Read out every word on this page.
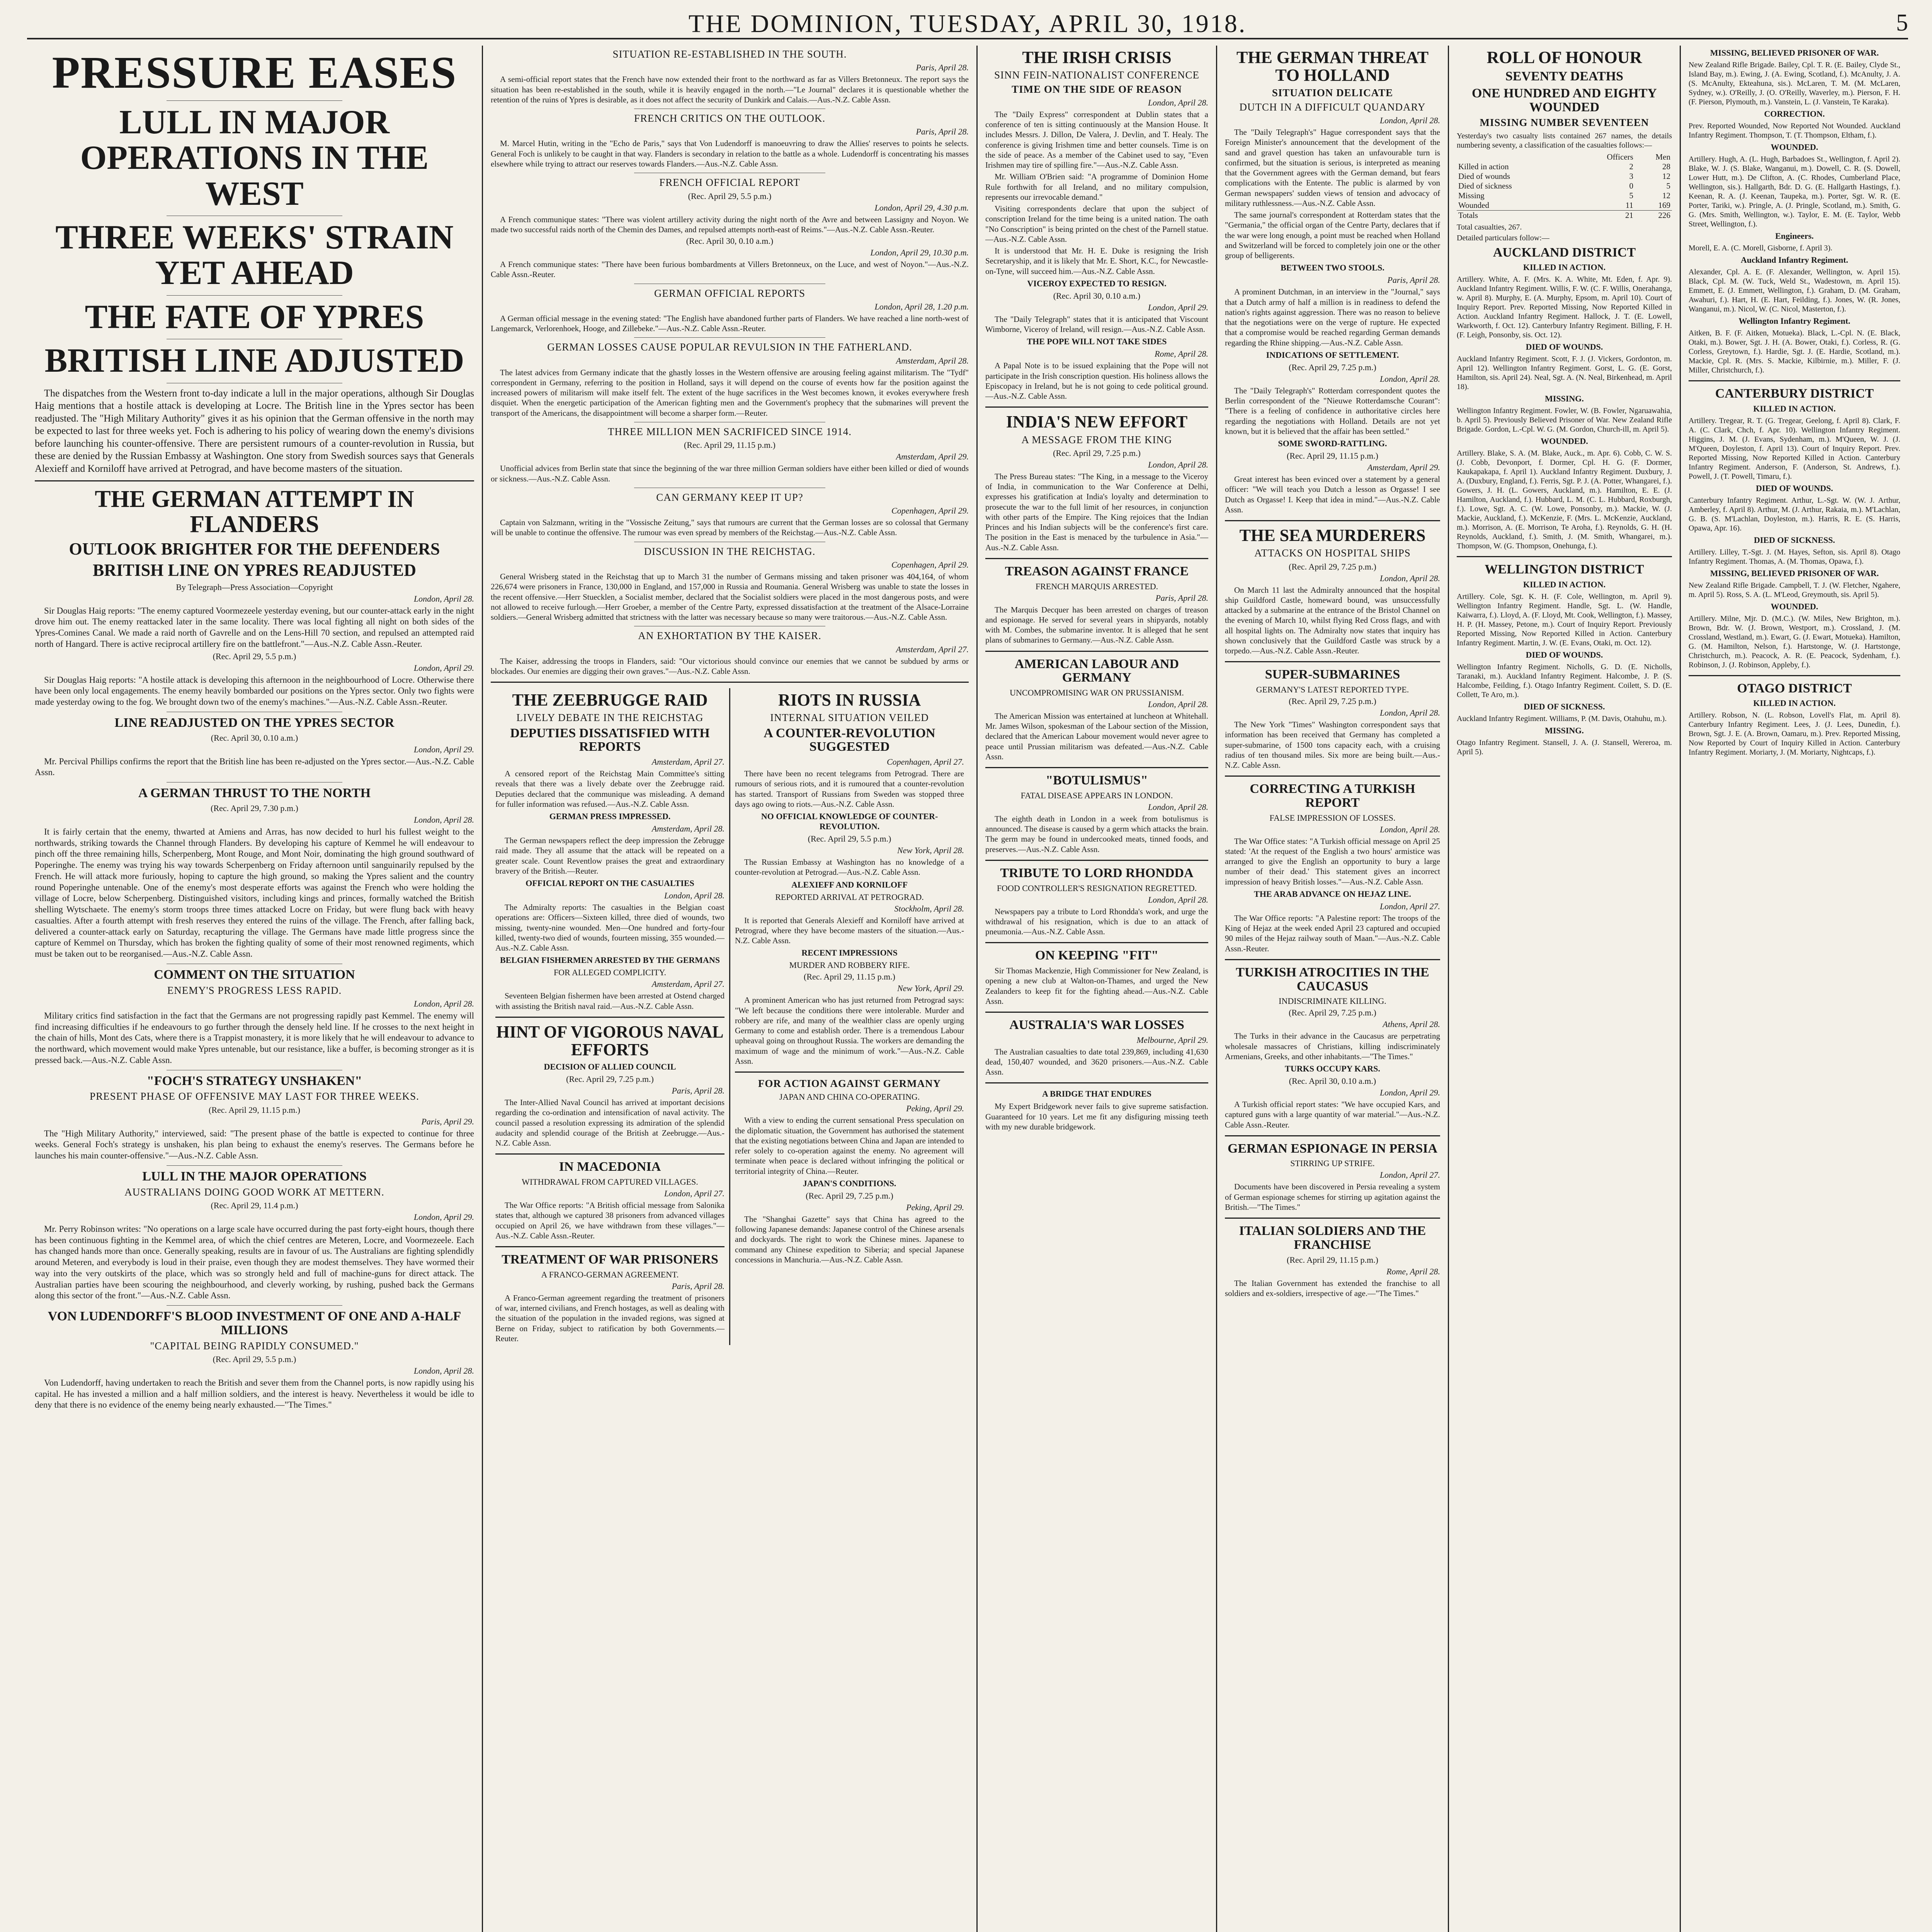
THE DOMINION, TUESDAY, APRIL 30, 1918.	5
PRESSURE EASES
LULL IN MAJOR OPERATIONS IN THE WEST
THREE WEEKS' STRAIN YET AHEAD
THE FATE OF YPRES
BRITISH LINE ADJUSTED

The dispatches from the Western front to-day indicate a lull in the major operations, although Sir Douglas Haig mentions that a hostile attack is developing at Locre. The British line in the Ypres sector has been readjusted. The "High Military Authority" gives it as his opinion that the German offensive in the north may be expected to last for three weeks yet. Foch is adhering to his policy of wearing down the enemy's divisions before launching his counter-offensive. There are persistent rumours of a counter-revolution in Russia, but these are denied by the Russian Embassy at Washington. One story from Swedish sources says that Generals Alexieff and Korniloff have arrived at Petrograd, and have become masters of the situation.

THE GERMAN ATTEMPT IN FLANDERS
OUTLOOK BRIGHTER FOR THE DEFENDERS
BRITISH LINE ON YPRES READJUSTED
By Telegraph—Press Association—Copyright
London, April 28.

Sir Douglas Haig reports: "The enemy captured Voormezeele yesterday evening, but our counter-attack early in the night drove him out. The enemy reattacked later in the same locality. There was local fighting all night on both sides of the Ypres-Comines Canal. We made a raid north of Gavrelle and on the Lens-Hill 70 section, and repulsed an attempted raid north of Hangard. There is active reciprocal artillery fire on the battlefront."—Aus.-N.Z. Cable Assn.-Reuter.

(Rec. April 29, 5.5 p.m.)
London, April 29.

Sir Douglas Haig reports: "A hostile attack is developing this afternoon in the neighbourhood of Locre. Otherwise there have been only local engagements. The enemy heavily bombarded our positions on the Ypres sector. Only two fights were made yesterday owing to the fog. We brought down two of the enemy's machines."—Aus.-N.Z. Cable Assn.-Reuter.

LINE READJUSTED ON THE YPRES SECTOR
(Rec. April 30, 0.10 a.m.)
London, April 29.

Mr. Percival Phillips confirms the report that the British line has been re-adjusted on the Ypres sector.—Aus.-N.Z. Cable Assn.

A GERMAN THRUST TO THE NORTH
(Rec. April 29, 7.30 p.m.)
London, April 28.

It is fairly certain that the enemy, thwarted at Amiens and Arras, has now decided to hurl his fullest weight to the northwards, striking towards the Channel through Flanders. By developing his capture of Kemmel he will endeavour to pinch off the three remaining hills, Scherpenberg, Mont Rouge, and Mont Noir, dominating the high ground southward of Poperinghe. The enemy was trying his way towards Scherpenberg on Friday afternoon until sanguinarily repulsed by the French. He will attack more furiously, hoping to capture the high ground, so making the Ypres salient and the country round Poperinghe untenable. One of the enemy's most desperate efforts was against the French who were holding the village of Locre, below Scherpenberg. Distinguished visitors, including kings and princes, formally watched the British shelling Wytschaete. The enemy's storm troops three times attacked Locre on Friday, but were flung back with heavy casualties. After a fourth attempt with fresh reserves they entered the ruins of the village. The French, after falling back, delivered a counter-attack early on Saturday, recapturing the village. The Germans have made little progress since the capture of Kemmel on Thursday, which has broken the fighting quality of some of their most renowned regiments, which must be taken out to be reorganised.—Aus.-N.Z. Cable Assn.

COMMENT ON THE SITUATION
ENEMY'S PROGRESS LESS RAPID.
London, April 28.

Military critics find satisfaction in the fact that the Germans are not progressing rapidly past Kemmel. The enemy will find increasing difficulties if he endeavours to go further through the densely held line. If he crosses to the next height in the chain of hills, Mont des Cats, where there is a Trappist monastery, it is more likely that he will endeavour to advance to the northward, which movement would make Ypres untenable, but our resistance, like a buffer, is becoming stronger as it is pressed back.—Aus.-N.Z. Cable Assn.

"FOCH'S STRATEGY UNSHAKEN"
PRESENT PHASE OF OFFENSIVE MAY LAST FOR THREE WEEKS.
(Rec. April 29, 11.15 p.m.)
Paris, April 29.

The "High Military Authority," interviewed, said: "The present phase of the battle is expected to continue for three weeks. General Foch's strategy is unshaken, his plan being to exhaust the enemy's reserves. The Germans before he launches his main counter-offensive."—Aus.-N.Z. Cable Assn.

LULL IN THE MAJOR OPERATIONS
AUSTRALIANS DOING GOOD WORK AT METTERN.
(Rec. April 29, 11.4 p.m.)
London, April 29.

Mr. Perry Robinson writes: "No operations on a large scale have occurred during the past forty-eight hours, though there has been continuous fighting in the Kemmel area, of which the chief centres are Meteren, Locre, and Voormezeele. Each has changed hands more than once. Generally speaking, results are in favour of us. The Australians are fighting splendidly around Meteren, and everybody is loud in their praise, even though they are modest themselves. They have wormed their way into the very outskirts of the place, which was so strongly held and full of machine-guns for direct attack. The Australian parties have been scouring the neighbourhood, and cleverly working, by rushing, pushed back the Germans along this sector of the front."—Aus.-N.Z. Cable Assn.

VON LUDENDORFF'S BLOOD INVESTMENT OF ONE AND A-HALF MILLIONS
"CAPITAL BEING RAPIDLY CONSUMED."
(Rec. April 29, 5.5 p.m.)
London, April 28.

Von Ludendorff, having undertaken to reach the British and sever them from the Channel ports, is now rapidly using his capital. He has invested a million and a half million soldiers, and the interest is heavy. Nevertheless it would be idle to deny that there is no evidence of the enemy being nearly exhausted.—"The Times."

SITUATION RE-ESTABLISHED IN THE SOUTH.
Paris, April 28.

A semi-official report states that the French have now extended their front to the northward as far as Villers Bretonneux. The report says the situation has been re-established in the south, while it is heavily engaged in the north.—"Le Journal" declares it is questionable whether the retention of the ruins of Ypres is desirable, as it does not affect the security of Dunkirk and Calais.—Aus.-N.Z. Cable Assn.

FRENCH CRITICS ON THE OUTLOOK.
Paris, April 28.

M. Marcel Hutin, writing in the "Echo de Paris," says that Von Ludendorff is manoeuvring to draw the Allies' reserves to points he selects. General Foch is unlikely to be caught in that way. Flanders is secondary in relation to the battle as a whole. Ludendorff is concentrating his masses elsewhere while trying to attract our reserves towards Flanders.—Aus.-N.Z. Cable Assn.

FRENCH OFFICIAL REPORT
(Rec. April 29, 5.5 p.m.)
London, April 29, 4.30 p.m.

A French communique states: "There was violent artillery activity during the night north of the Avre and between Lassigny and Noyon. We made two successful raids north of the Chemin des Dames, and repulsed attempts north-east of Reims."—Aus.-N.Z. Cable Assn.-Reuter.

(Rec. April 30, 0.10 a.m.)
London, April 29, 10.30 p.m.

A French communique states: "There have been furious bombardments at Villers Bretonneux, on the Luce, and west of Noyon."—Aus.-N.Z. Cable Assn.-Reuter.

GERMAN OFFICIAL REPORTS
London, April 28, 1.20 p.m.

A German official message in the evening stated: "The English have abandoned further parts of Flanders. We have reached a line north-west of Langemarck, Verlorenhoek, Hooge, and Zillebeke."—Aus.-N.Z. Cable Assn.-Reuter.

GERMAN LOSSES CAUSE POPULAR REVULSION IN THE FATHERLAND.
Amsterdam, April 28.

The latest advices from Germany indicate that the ghastly losses in the Western offensive are arousing feeling against militarism. The "Tydf" correspondent in Germany, referring to the position in Holland, says it will depend on the course of events how far the position against the increased powers of militarism will make itself felt. The extent of the huge sacrifices in the West becomes known, it evokes everywhere fresh disquiet. When the energetic participation of the American fighting men and the Government's prophecy that the submarines will prevent the transport of the Americans, the disappointment will become a sharper form.—Reuter.

THREE MILLION MEN SACRIFICED SINCE 1914.
(Rec. April 29, 11.15 p.m.)
Amsterdam, April 29.

Unofficial advices from Berlin state that since the beginning of the war three million German soldiers have either been killed or died of wounds or sickness.—Aus.-N.Z. Cable Assn.

CAN GERMANY KEEP IT UP?
Copenhagen, April 29.

Captain von Salzmann, writing in the "Vossische Zeitung," says that rumours are current that the German losses are so colossal that Germany will be unable to continue the offensive. The rumour was even spread by members of the Reichstag.—Aus.-N.Z. Cable Assn.

DISCUSSION IN THE REICHSTAG.
Copenhagen, April 29.

General Wrisberg stated in the Reichstag that up to March 31 the number of Germans missing and taken prisoner was 404,164, of whom 226,674 were prisoners in France, 130,000 in England, and 157,000 in Russia and Roumania. General Wrisberg was unable to state the losses in the recent offensive.—Herr Stuecklen, a Socialist member, declared that the Socialist soldiers were placed in the most dangerous posts, and were not allowed to receive furlough.—Herr Groeber, a member of the Centre Party, expressed dissatisfaction at the treatment of the Alsace-Lorraine soldiers.—General Wrisberg admitted that strictness with the latter was necessary because so many were traitorous.—Aus.-N.Z. Cable Assn.

AN EXHORTATION BY THE KAISER.
Amsterdam, April 27.

The Kaiser, addressing the troops in Flanders, said: "Our victorious should convince our enemies that we cannot be subdued by arms or blockades. Our enemies are digging their own graves."—Aus.-N.Z. Cable Assn.

THE ZEEBRUGGE RAID
LIVELY DEBATE IN THE REICHSTAG
DEPUTIES DISSATISFIED WITH REPORTS
Amsterdam, April 27.

A censored report of the Reichstag Main Committee's sitting reveals that there was a lively debate over the Zeebrugge raid. Deputies declared that the communique was misleading. A demand for fuller information was refused.—Aus.-N.Z. Cable Assn.

GERMAN PRESS IMPRESSED.
Amsterdam, April 28.

The German newspapers reflect the deep impression the Zebrugge raid made. They all assume that the attack will be repeated on a greater scale. Count Reventlow praises the great and extraordinary bravery of the British.—Reuter.

OFFICIAL REPORT ON THE CASUALTIES
London, April 28.

The Admiralty reports: The casualties in the Belgian coast operations are: Officers—Sixteen killed, three died of wounds, two missing, twenty-nine wounded. Men—One hundred and forty-four killed, twenty-two died of wounds, fourteen missing, 355 wounded.—Aus.-N.Z. Cable Assn.

BELGIAN FISHERMEN ARRESTED BY THE GERMANS
FOR ALLEGED COMPLICITY.
Amsterdam, April 27.

Seventeen Belgian fishermen have been arrested at Ostend charged with assisting the British naval raid.—Aus.-N.Z. Cable Assn.

HINT OF VIGOROUS NAVAL EFFORTS
DECISION OF ALLIED COUNCIL
(Rec. April 29, 7.25 p.m.)
Paris, April 28.

The Inter-Allied Naval Council has arrived at important decisions regarding the co-ordination and intensification of naval activity. The council passed a resolution expressing its admiration of the splendid audacity and splendid courage of the British at Zeebrugge.—Aus.-N.Z. Cable Assn.

IN MACEDONIA
WITHDRAWAL FROM CAPTURED VILLAGES.
London, April 27.

The War Office reports: "A British official message from Salonika states that, although we captured 38 prisoners from advanced villages occupied on April 26, we have withdrawn from these villages."—Aus.-N.Z. Cable Assn.-Reuter.

TREATMENT OF WAR PRISONERS
A FRANCO-GERMAN AGREEMENT.
Paris, April 28.

A Franco-German agreement regarding the treatment of prisoners of war, interned civilians, and French hostages, as well as dealing with the situation of the population in the invaded regions, was signed at Berne on Friday, subject to ratification by both Governments.—Reuter.

RIOTS IN RUSSIA
INTERNAL SITUATION VEILED
A COUNTER-REVOLUTION SUGGESTED
Copenhagen, April 27.

There have been no recent telegrams from Petrograd. There are rumours of serious riots, and it is rumoured that a counter-revolution has started. Transport of Russians from Sweden was stopped three days ago owing to riots.—Aus.-N.Z. Cable Assn.

NO OFFICIAL KNOWLEDGE OF COUNTER-REVOLUTION.
(Rec. April 29, 5.5 p.m.)
New York, April 28.

The Russian Embassy at Washington has no knowledge of a counter-revolution at Petrograd.—Aus.-N.Z. Cable Assn.

ALEXIEFF AND KORNILOFF
REPORTED ARRIVAL AT PETROGRAD.
Stockholm, April 28.

It is reported that Generals Alexieff and Korniloff have arrived at Petrograd, where they have become masters of the situation.—Aus.-N.Z. Cable Assn.

RECENT IMPRESSIONS
MURDER AND ROBBERY RIFE.
(Rec. April 29, 11.15 p.m.)
New York, April 29.

A prominent American who has just returned from Petrograd says: "We left because the conditions there were intolerable. Murder and robbery are rife, and many of the wealthier class are openly urging Germany to come and establish order. There is a tremendous Labour upheaval going on throughout Russia. The workers are demanding the maximum of wage and the minimum of work."—Aus.-N.Z. Cable Assn.

FOR ACTION AGAINST GERMANY
JAPAN AND CHINA CO-OPERATING.
Peking, April 29.

With a view to ending the current sensational Press speculation on the diplomatic situation, the Government has authorised the statement that the existing negotiations between China and Japan are intended to refer solely to co-operation against the enemy. No agreement will terminate when peace is declared without infringing the political or territorial integrity of China.—Reuter.

JAPAN'S CONDITIONS.
(Rec. April 29, 7.25 p.m.)
Peking, April 29.

The "Shanghai Gazette" says that China has agreed to the following Japanese demands: Japanese control of the Chinese arsenals and dockyards. The right to work the Chinese mines. Japanese to command any Chinese expedition to Siberia; and special Japanese concessions in Manchuria.—Aus.-N.Z. Cable Assn.

THE IRISH CRISIS
SINN FEIN-NATIONALIST CONFERENCE
TIME ON THE SIDE OF REASON
London, April 28.

The "Daily Express" correspondent at Dublin states that a conference of ten is sitting continuously at the Mansion House. It includes Messrs. J. Dillon, De Valera, J. Devlin, and T. Healy. The conference is giving Irishmen time and better counsels. Time is on the side of peace. As a member of the Cabinet used to say, "Even Irishmen may tire of spilling fire."—Aus.-N.Z. Cable Assn.

Mr. William O'Brien said: "A programme of Dominion Home Rule forthwith for all Ireland, and no military compulsion, represents our irrevocable demand."

Visiting correspondents declare that upon the subject of conscription Ireland for the time being is a united nation. The oath "No Conscription" is being printed on the chest of the Parnell statue.—Aus.-N.Z. Cable Assn.

It is understood that Mr. H. E. Duke is resigning the Irish Secretaryship, and it is likely that Mr. E. Short, K.C., for Newcastle-on-Tyne, will succeed him.—Aus.-N.Z. Cable Assn.

VICEROY EXPECTED TO RESIGN.
(Rec. April 30, 0.10 a.m.)
London, April 29.

The "Daily Telegraph" states that it is anticipated that Viscount Wimborne, Viceroy of Ireland, will resign.—Aus.-N.Z. Cable Assn.

THE POPE WILL NOT TAKE SIDES
Rome, April 28.

A Papal Note is to be issued explaining that the Pope will not participate in the Irish conscription question. His holiness allows the Episcopacy in Ireland, but he is not going to cede political ground.—Aus.-N.Z. Cable Assn.

INDIA'S NEW EFFORT
A MESSAGE FROM THE KING
(Rec. April 29, 7.25 p.m.)
London, April 28.

The Press Bureau states: "The King, in a message to the Viceroy of India, in communication to the War Conference at Delhi, expresses his gratification at India's loyalty and determination to prosecute the war to the full limit of her resources, in conjunction with other parts of the Empire. The King rejoices that the Indian Princes and his Indian subjects will be the conference's first care. The position in the East is menaced by the turbulence in Asia."—Aus.-N.Z. Cable Assn.

TREASON AGAINST FRANCE
FRENCH MARQUIS ARRESTED.
Paris, April 28.

The Marquis Decquer has been arrested on charges of treason and espionage. He served for several years in shipyards, notably with M. Combes, the submarine inventor. It is alleged that he sent plans of submarines to Germany.—Aus.-N.Z. Cable Assn.

AMERICAN LABOUR AND GERMANY
UNCOMPROMISING WAR ON PRUSSIANISM.
London, April 28.

The American Mission was entertained at luncheon at Whitehall. Mr. James Wilson, spokesman of the Labour section of the Mission, declared that the American Labour movement would never agree to peace until Prussian militarism was defeated.—Aus.-N.Z. Cable Assn.

"BOTULISMUS"
FATAL DISEASE APPEARS IN LONDON.
London, April 28.

The eighth death in London in a week from botulismus is announced. The disease is caused by a germ which attacks the brain. The germ may be found in undercooked meats, tinned foods, and preserves.—Aus.-N.Z. Cable Assn.

TRIBUTE TO LORD RHONDDA
FOOD CONTROLLER'S RESIGNATION REGRETTED.
London, April 28.

Newspapers pay a tribute to Lord Rhondda's work, and urge the withdrawal of his resignation, which is due to an attack of pneumonia.—Aus.-N.Z. Cable Assn.

ON KEEPING "FIT"

Sir Thomas Mackenzie, High Commissioner for New Zealand, is opening a new club at Walton-on-Thames, and urged the New Zealanders to keep fit for the fighting ahead.—Aus.-N.Z. Cable Assn.

AUSTRALIA'S WAR LOSSES
Melbourne, April 29.

The Australian casualties to date total 239,869, including 41,630 dead, 150,407 wounded, and 3620 prisoners.—Aus.-N.Z. Cable Assn.

A BRIDGE THAT ENDURES

My Expert Bridgework never fails to give supreme satisfaction. Guaranteed for 10 years. Let me fit any disfiguring missing teeth with my new durable bridgework.

THE GERMAN THREAT TO HOLLAND
SITUATION DELICATE
DUTCH IN A DIFFICULT QUANDARY
London, April 28.

The "Daily Telegraph's" Hague correspondent says that the Foreign Minister's announcement that the development of the sand and gravel question has taken an unfavourable turn is confirmed, but the situation is serious, is interpreted as meaning that the Government agrees with the German demand, but fears complications with the Entente. The public is alarmed by von German newspapers' sudden views of tension and advocacy of military ruthlessness.—Aus.-N.Z. Cable Assn.

The same journal's correspondent at Rotterdam states that the "Germania," the official organ of the Centre Party, declares that if the war were long enough, a point must be reached when Holland and Switzerland will be forced to completely join one or the other group of belligerents.

BETWEEN TWO STOOLS.
Paris, April 28.

A prominent Dutchman, in an interview in the "Journal," says that a Dutch army of half a million is in readiness to defend the nation's rights against aggression. There was no reason to believe that the negotiations were on the verge of rupture. He expected that a compromise would be reached regarding German demands regarding the Rhine shipping.—Aus.-N.Z. Cable Assn.

INDICATIONS OF SETTLEMENT.
(Rec. April 29, 7.25 p.m.)
London, April 28.

The "Daily Telegraph's" Rotterdam correspondent quotes the Berlin correspondent of the "Nieuwe Rotterdamsche Courant": "There is a feeling of confidence in authoritative circles here regarding the negotiations with Holland. Details are not yet known, but it is believed that the affair has been settled."

SOME SWORD-RATTLING.
(Rec. April 29, 11.15 p.m.)
Amsterdam, April 29.

Great interest has been evinced over a statement by a general officer: "We will teach you Dutch a lesson as Orgasse! I see Dutch as Orgasse! I. Keep that idea in mind."—Aus.-N.Z. Cable Assn.

THE SEA MURDERERS
ATTACKS ON HOSPITAL SHIPS
(Rec. April 29, 7.25 p.m.)
London, April 28.

On March 11 last the Admiralty announced that the hospital ship Guildford Castle, homeward bound, was unsuccessfully attacked by a submarine at the entrance of the Bristol Channel on the evening of March 10, whilst flying Red Cross flags, and with all hospital lights on. The Admiralty now states that inquiry has shown conclusively that the Guildford Castle was struck by a torpedo.—Aus.-N.Z. Cable Assn.-Reuter.

SUPER-SUBMARINES
GERMANY'S LATEST REPORTED TYPE.
(Rec. April 29, 7.25 p.m.)
London, April 28.

The New York "Times" Washington correspondent says that information has been received that Germany has completed a super-submarine, of 1500 tons capacity each, with a cruising radius of ten thousand miles. Six more are being built.—Aus.-N.Z. Cable Assn.

CORRECTING A TURKISH REPORT
FALSE IMPRESSION OF LOSSES.
London, April 28.

The War Office states: "A Turkish official message on April 25 stated: 'At the request of the English a two hours' armistice was arranged to give the English an opportunity to bury a large number of their dead.' This statement gives an incorrect impression of heavy British losses."—Aus.-N.Z. Cable Assn.

THE ARAB ADVANCE ON HEJAZ LINE.
London, April 27.

The War Office reports: "A Palestine report: The troops of the King of Hejaz at the week ended April 23 captured and occupied 90 miles of the Hejaz railway south of Maan."—Aus.-N.Z. Cable Assn.-Reuter.

TURKISH ATROCITIES IN THE CAUCASUS
INDISCRIMINATE KILLING.
(Rec. April 29, 7.25 p.m.)
Athens, April 28.

The Turks in their advance in the Caucasus are perpetrating wholesale massacres of Christians, killing indiscriminately Armenians, Greeks, and other inhabitants.—"The Times."

TURKS OCCUPY KARS.
(Rec. April 30, 0.10 a.m.)
London, April 29.

A Turkish official report states: "We have occupied Kars, and captured guns with a large quantity of war material."—Aus.-N.Z. Cable Assn.-Reuter.

GERMAN ESPIONAGE IN PERSIA
STIRRING UP STRIFE.
London, April 27.

Documents have been discovered in Persia revealing a system of German espionage schemes for stirring up agitation against the British.—"The Times."

ITALIAN SOLDIERS AND THE FRANCHISE
(Rec. April 29, 11.15 p.m.)
Rome, April 28.

The Italian Government has extended the franchise to all soldiers and ex-soldiers, irrespective of age.—"The Times."

ROLL OF HONOUR
SEVENTY DEATHS
ONE HUNDRED AND EIGHTY WOUNDED
MISSING NUMBER SEVENTEEN

Yesterday's two casualty lists contained 267 names, the details numbering seventy, a classification of the casualties follows:—

	Officers	Men
Killed in action	2	28
Died of wounds	3	12
Died of sickness	0	5
Missing	5	12
Wounded	11	169
Totals	21	226

Total casualties, 267.

Detailed particulars follow:—

AUCKLAND DISTRICT
KILLED IN ACTION.

Artillery. White, A. F. (Mrs. K. A. White, Mt. Eden, f. Apr. 9). Auckland Infantry Regiment. Willis, F. W. (C. F. Willis, Onerahanga, w. April 8). Murphy, E. (A. Murphy, Epsom, m. April 10). Court of Inquiry Report. Prev. Reported Missing, Now Reported Killed in Action. Auckland Infantry Regiment. Hallock, J. T. (E. Lowell, Warkworth, f. Oct. 12). Canterbury Infantry Regiment. Billing, F. H. (F. Leigh, Ponsonby, sis. Oct. 12).

DIED OF WOUNDS.

Auckland Infantry Regiment. Scott, F. J. (J. Vickers, Gordonton, m. April 12). Wellington Infantry Regiment. Gorst, L. G. (E. Gorst, Hamilton, sis. April 24). Neal, Sgt. A. (N. Neal, Birkenhead, m. April 18).

MISSING.

Wellington Infantry Regiment. Fowler, W. (B. Fowler, Ngaruawahia, b. April 5). Previously Believed Prisoner of War. New Zealand Rifle Brigade. Gordon, L.-Cpl. W. G. (M. Gordon, Church-ill, m. April 5).

WOUNDED.

Artillery. Blake, S. A. (M. Blake, Auck., m. Apr. 6). Cobb, C. W. S. (J. Cobb, Devonport, f. Dormer, Cpl. H. G. (F. Dormer, Kaukapakapa, f. April 1). Auckland Infantry Regiment. Duxbury, J. A. (Duxbury, England, f.). Ferris, Sgt. P. J. (A. Potter, Whangarei, f.). Gowers, J. H. (L. Gowers, Auckland, m.). Hamilton, E. E. (J. Hamilton, Auckland, f.). Hubbard, L. M. (C. L. Hubbard, Roxburgh, f.). Lowe, Sgt. A. C. (W. Lowe, Ponsonby, m.). Mackie, W. (J. Mackie, Auckland, f.). McKenzie, F. (Mrs. L. McKenzie, Auckland, m.). Morrison, A. (E. Morrison, Te Aroha, f.). Reynolds, G. H. (H. Reynolds, Auckland, f.). Smith, J. (M. Smith, Whangarei, m.). Thompson, W. (G. Thompson, Onehunga, f.).

WELLINGTON DISTRICT
KILLED IN ACTION.

Artillery. Cole, Sgt. K. H. (F. Cole, Wellington, m. April 9). Wellington Infantry Regiment. Handle, Sgt. L. (W. Handle, Kaiwarra, f.). Lloyd, A. (F. Lloyd, Mt. Cook, Wellington, f.). Massey, H. P. (H. Massey, Petone, m.). Court of Inquiry Report. Previously Reported Missing, Now Reported Killed in Action. Canterbury Infantry Regiment. Martin, J. W. (E. Evans, Otaki, m. Oct. 12).

DIED OF WOUNDS.

Wellington Infantry Regiment. Nicholls, G. D. (E. Nicholls, Taranaki, m.). Auckland Infantry Regiment. Halcombe, J. P. (S. Halcombe, Feilding, f.). Otago Infantry Regiment. Coilett, S. D. (E. Collett, Te Aro, m.).

DIED OF SICKNESS.

Auckland Infantry Regiment. Williams, P. (M. Davis, Otahuhu, m.).

MISSING.

Otago Infantry Regiment. Stansell, J. A. (J. Stansell, Wereroa, m. April 5).

MISSING, BELIEVED PRISONER OF WAR.

New Zealand Rifle Brigade. Bailey, Cpl. T. R. (E. Bailey, Clyde St., Island Bay, m.). Ewing, J. (A. Ewing, Scotland, f.). McAnulty, J. A. (S. McAnulty, Ekteahuna, sis.). McLaren, T. M. (M. McLaren, Sydney, w.). O'Reilly, J. (O. O'Reilly, Waverley, m.). Pierson, F. H. (F. Pierson, Plymouth, m.). Vanstein, L. (J. Vanstein, Te Karaka).

CORRECTION.

Prev. Reported Wounded, Now Reported Not Wounded. Auckland Infantry Regiment. Thompson, T. (T. Thompson, Eltham, f.).

WOUNDED.

Artillery. Hugh, A. (L. Hugh, Barbadoes St., Wellington, f. April 2). Blake, W. J. (S. Blake, Wanganui, m.). Dowell, C. R. (S. Dowell, Lower Hutt, m.). De Clifton, A. (C. Rhodes, Cumberland Place, Wellington, sis.). Hallgarth, Bdr. D. G. (E. Hallgarth Hastings, f.). Keenan, R. A. (J. Keenan, Taupeka, m.). Porter, Sgt. W. R. (E. Porter, Tariki, w.). Pringle, A. (J. Pringle, Scotland, m.). Smith, G. G. (Mrs. Smith, Wellington, w.). Taylor, E. M. (E. Taylor, Webb Street, Wellington, f.).

Engineers.

Morell, E. A. (C. Morell, Gisborne, f. April 3).

Auckland Infantry Regiment.

Alexander, Cpl. A. E. (F. Alexander, Wellington, w. April 15). Black, Cpl. M. (W. Tuck, Weld St., Wadestown, m. April 15). Emmett, E. (J. Emmett, Wellington, f.). Graham, D. (M. Graham, Awahuri, f.). Hart, H. (E. Hart, Feilding, f.). Jones, W. (R. Jones, Wanganui, m.). Nicol, W. (C. Nicol, Masterton, f.).

Wellington Infantry Regiment.

Aitken, B. F. (F. Aitken, Motueka). Black, L.-Cpl. N. (E. Black, Otaki, m.). Bower, Sgt. J. H. (A. Bower, Otaki, f.). Corless, R. (G. Corless, Greytown, f.). Hardie, Sgt. J. (E. Hardie, Scotland, m.). Mackie, Cpl. R. (Mrs. S. Mackie, Kilbirnie, m.). Miller, F. (J. Miller, Christchurch, f.).

CANTERBURY DISTRICT
KILLED IN ACTION.

Artillery. Tregear, R. T. (G. Tregear, Geelong, f. April 8). Clark, F. A. (C. Clark, Chch, f. Apr. 10). Wellington Infantry Regiment. Higgins, J. M. (J. Evans, Sydenham, m.). M'Queen, W. J. (J. M'Queen, Doyleston, f. April 13). Court of Inquiry Report. Prev. Reported Missing, Now Reported Killed in Action. Canterbury Infantry Regiment. Anderson, F. (Anderson, St. Andrews, f.). Powell, J. (T. Powell, Timaru, f.).

DIED OF WOUNDS.

Canterbury Infantry Regiment. Arthur, L.-Sgt. W. (W. J. Arthur, Amberley, f. April 8). Arthur, M. (J. Arthur, Rakaia, m.). M'Lachlan, G. B. (S. M'Lachlan, Doyleston, m.). Harris, R. E. (S. Harris, Opawa, Apr. 16).

DIED OF SICKNESS.

Artillery. Lilley, T.-Sgt. J. (M. Hayes, Sefton, sis. April 8). Otago Infantry Regiment. Thomas, A. (M. Thomas, Opawa, f.).

MISSING, BELIEVED PRISONER OF WAR.

New Zealand Rifle Brigade. Campbell, T. J. (W. Fletcher, Ngahere, m. April 5). Ross, S. A. (L. M'Leod, Greymouth, sis. April 5).

WOUNDED.

Artillery. Milne, Mjr. D. (M.C.). (W. Miles, New Brighton, m.). Brown, Bdr. W. (J. Brown, Westport, m.). Crossland, J. (M. Crossland, Westland, m.). Ewart, G. (J. Ewart, Motueka). Hamilton, G. (M. Hamilton, Nelson, f.). Hartstonge, W. (J. Hartstonge, Christchurch, m.). Peacock, A. R. (E. Peacock, Sydenham, f.). Robinson, J. (J. Robinson, Appleby, f.).

OTAGO DISTRICT
KILLED IN ACTION.

Artillery. Robson, N. (L. Robson, Lovell's Flat, m. April 8). Canterbury Infantry Regiment. Lees, J. (J. Lees, Dunedin, f.). Brown, Sgt. J. E. (A. Brown, Oamaru, m.). Prev. Reported Missing, Now Reported by Court of Inquiry Killed in Action. Canterbury Infantry Regiment. Moriarty, J. (M. Moriarty, Nightcaps, f.).
